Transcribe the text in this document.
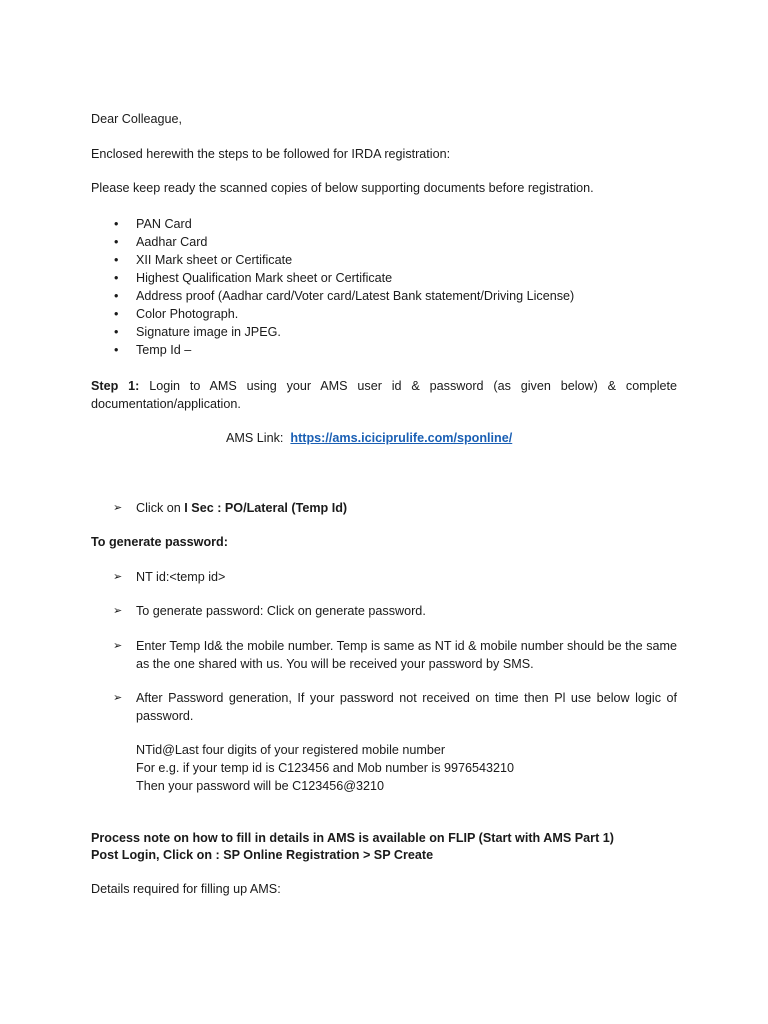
Dear Colleague,
Enclosed herewith the steps to be followed for IRDA registration:
Please keep ready the scanned copies of below supporting documents before registration.
• PAN Card
• Aadhar Card
• XII Mark sheet or Certificate
• Highest Qualification Mark sheet or Certificate
• Address proof (Aadhar card/Voter card/Latest Bank statement/Driving License)
• Color Photograph.
• Signature image in JPEG.
• Temp Id –
Step 1: Login to AMS using your AMS user id & password (as given below) & complete documentation/application.
AMS Link: https://ams.iciciprulife.com/sponline/
➢ Click on I Sec : PO/Lateral (Temp Id)
To generate password:
➢ NT id:<temp id>
➢ To generate password: Click on generate password.
➢ Enter Temp Id& the mobile number. Temp is same as NT id & mobile number should be the same as the one shared with us. You will be received your password by SMS.
➢ After Password generation, If your password not received on time then Pl use below logic of password.
NTid@Last four digits of your registered mobile number
For e.g. if your temp id is C123456 and Mob number is 9976543210
Then your password will be C123456@3210
Process note on how to fill in details in AMS is available on FLIP (Start with AMS Part 1)
Post Login, Click on : SP Online Registration > SP Create
Details required for filling up AMS:
